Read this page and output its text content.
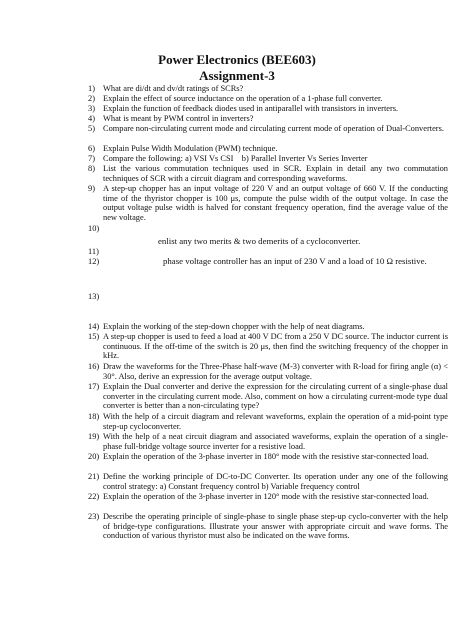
Power Electronics (BEE603)
Assignment-3
1) What are di/dt and dv/dt ratings of SCRs?
2) Explain the effect of source inductance on the operation of a 1-phase full converter.
3) Explain the function of feedback diodes used in antiparallel with transistors in inverters.
4) What is meant by PWM control in inverters?
5) Compare non-circulating current mode and circulating current mode of operation of Dual-Converters.
6) Explain Pulse Width Modulation (PWM) technique.
7) Compare the following: a) VSI Vs CSI    b) Parallel Inverter Vs Series Inverter
8) List the various commutation techniques used in SCR. Explain in detail any two commutation techniques of SCR with a circuit diagram and corresponding waveforms.
9) A step-up chopper has an input voltage of 220 V and an output voltage of 660 V. If the conducting time of the thyristor chopper is 100 μs, compute the pulse width of the output voltage. In case the output voltage pulse width is halved for constant frequency operation, find the average value of the new voltage.
10)
enlist any two merits & two demerits of a cycloconverter.
11)
12)	phase voltage controller has an input of 230 V and a load of 10 Ω resistive.
13)
14) Explain the working of the step-down chopper with the help of neat diagrams.
15) A step-up chopper is used to feed a load at 400 V DC from a 250 V DC source. The inductor current is continuous. If the off-time of the switch is 20 μs, then find the switching frequency of the chopper in kHz.
16) Draw the waveforms for the Three-Phase half-wave (M-3) converter with R-load for firing angle (α) < 30°. Also, derive an expression for the average output voltage.
17) Explain the Dual converter and derive the expression for the circulating current of a single-phase dual converter in the circulating current mode. Also, comment on how a circulating current-mode type dual converter is better than a non-circulating type?
18) With the help of a circuit diagram and relevant waveforms, explain the operation of a mid-point type step-up cycloconverter.
19) With the help of a neat circuit diagram and associated waveforms, explain the operation of a single-phase full-bridge voltage source inverter for a resistive load.
20) Explain the operation of the 3-phase inverter in 180° mode with the resistive star-connected load.
21) Define the working principle of DC-to-DC Converter. Its operation under any one of the following control strategy: a) Constant frequency control b) Variable frequency control
22) Explain the operation of the 3-phase inverter in 120° mode with the resistive star-connected load.
23) Describe the operating principle of single-phase to single phase step-up cyclo-converter with the help of bridge-type configurations. Illustrate your answer with appropriate circuit and wave forms. The conduction of various thyristor must also be indicated on the wave forms.
